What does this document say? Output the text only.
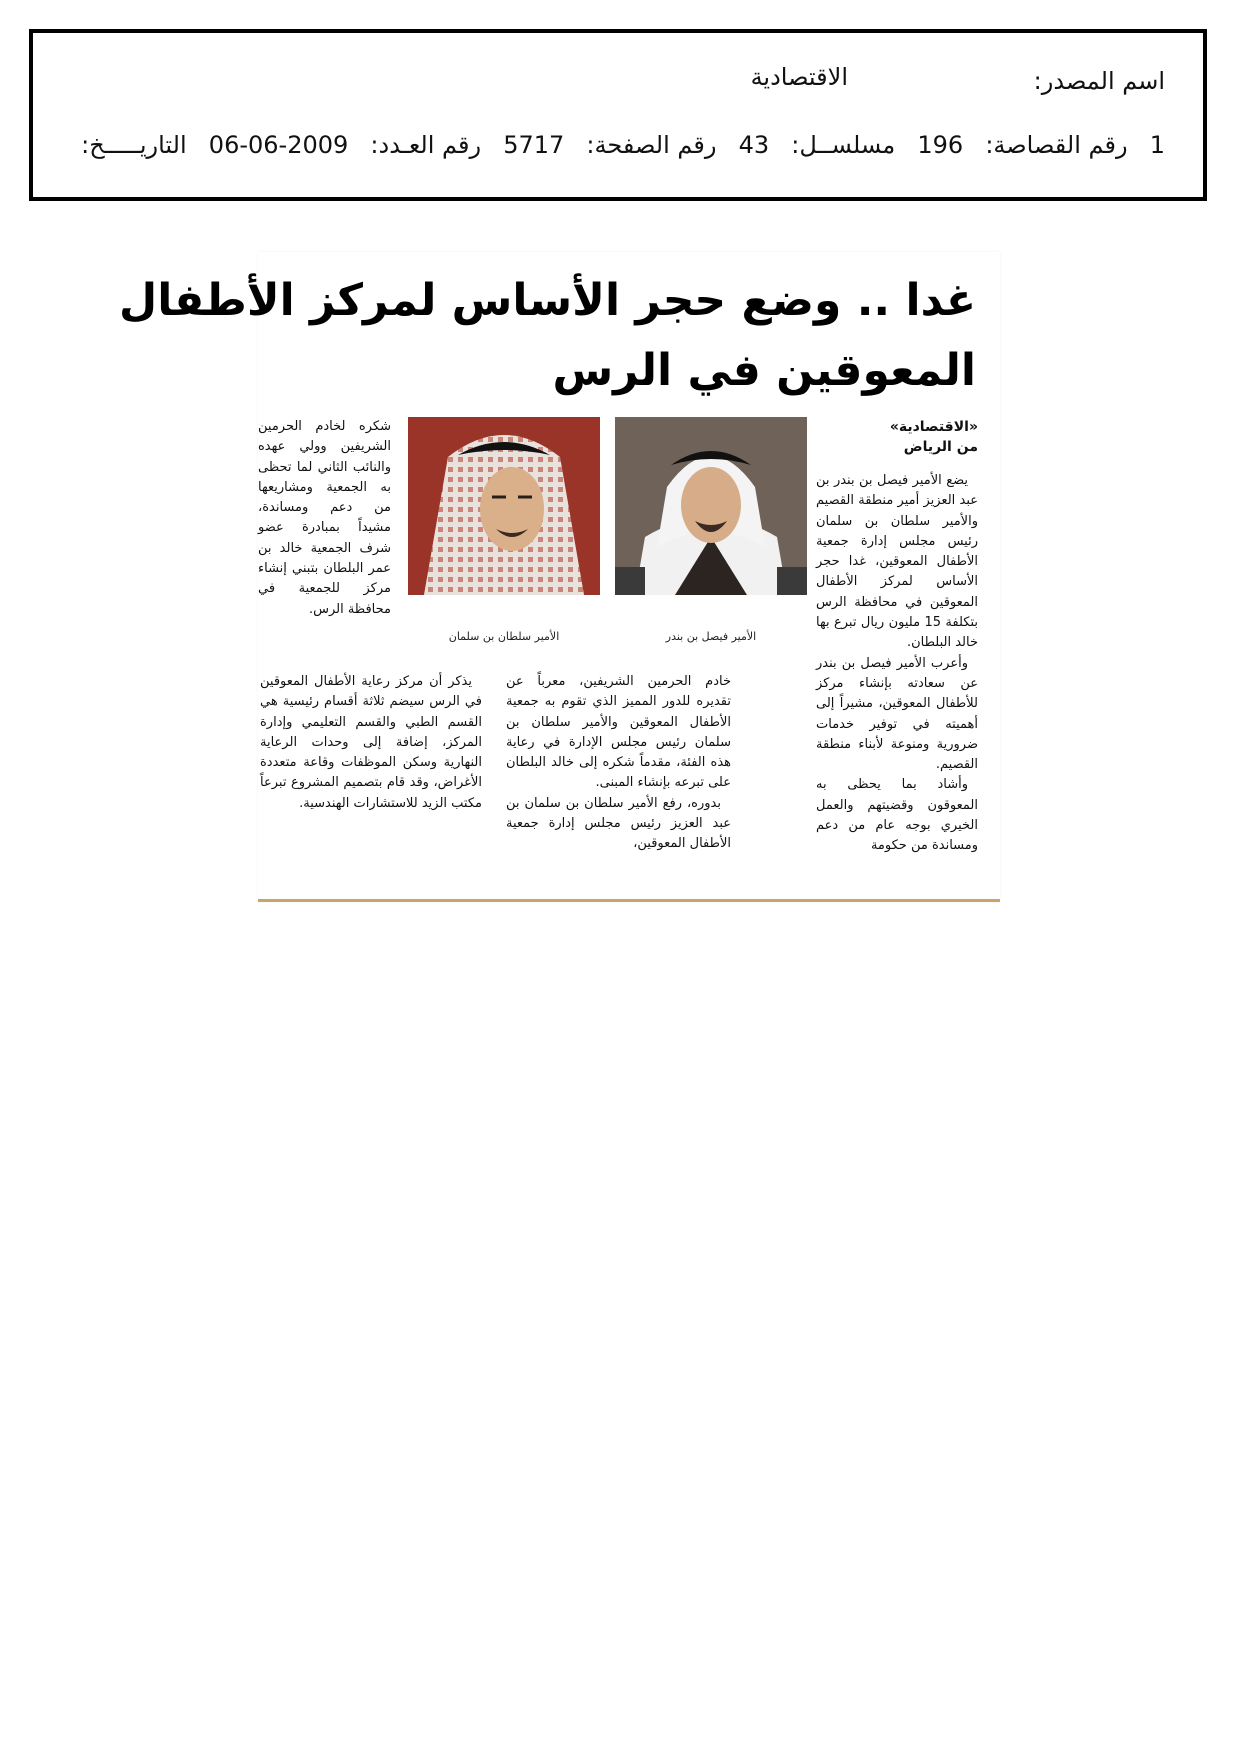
اسم المصدر:
الاقتصادية
التاريـــــخ: 06-06-2009 رقم العـدد: 5717 رقم الصفحة: 43 مسلســل: 196 رقم القصاصة: 1
غدا .. وضع حجر الأساس لمركز الأطفال
المعوقين في الرس

«الاقتصادية»
من الرياض

يضع الأمير فيصل بن بندر بن عبد العزيز أمير منطقة القصيم والأمير سلطان بن سلمان رئيس مجلس إدارة جمعية الأطفال المعوقين، غدا حجر الأساس لمركز الأطفال المعوقين في محافظة الرس بتكلفة 15 مليون ريال تبرع بها خالد البلطان.

وأعرب الأمير فيصل بن بندر عن سعادته بإنشاء مركز للأطفال المعوقين، مشيراً إلى أهميته في توفير خدمات ضرورية ومنوعة لأبناء منطقة القصيم.

وأشاد بما يحظى به المعوقون وقضيتهم والعمل الخيري بوجه عام من دعم ومساندة من حكومة

الأمير فيصل بن بندر
الأمير سلطان بن سلمان

شكره لخادم الحرمين الشريفين وولي عهده والنائب الثاني لما تحظى به الجمعية ومشاريعها من دعم ومساندة، مشيداً بمبادرة عضو شرف الجمعية خالد بن عمر البلطان بتبني إنشاء مركز للجمعية في محافظة الرس.

خادم الحرمين الشريفين، معرباً عن تقديره للدور المميز الذي تقوم به جمعية الأطفال المعوقين والأمير سلطان بن سلمان رئيس مجلس الإدارة في رعاية هذه الفئة، مقدماً شكره إلى خالد البلطان على تبرعه بإنشاء المبنى.

بدوره، رفع الأمير سلطان بن سلمان بن عبد العزيز رئيس مجلس إدارة جمعية الأطفال المعوقين،

يذكر أن مركز رعاية الأطفال المعوقين في الرس سيضم ثلاثة أقسام رئيسية هي القسم الطبي والقسم التعليمي وإدارة المركز، إضافة إلى وحدات الرعاية النهارية وسكن الموظفات وقاعة متعددة الأغراض، وقد قام بتصميم المشروع تبرعاً مكتب الزيد للاستشارات الهندسية.
